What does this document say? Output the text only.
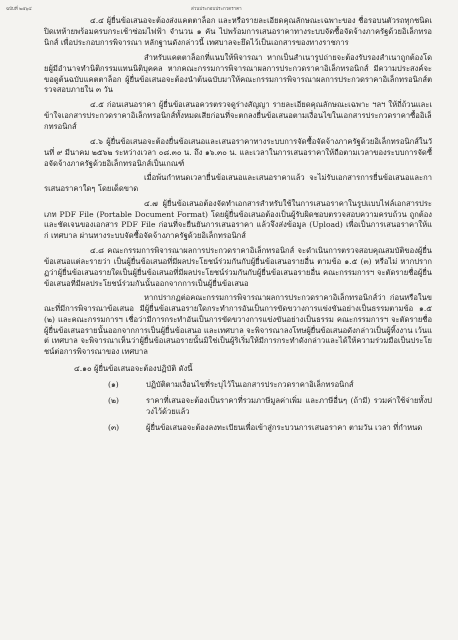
ฉบับที่ ๒๕๖๔	ส่วนประกอบประกวดราคา

๔.๔ ผู้ยื่นข้อเสนอจะต้องส่งแคตตาล็อก และหรือรายละเอียดคุณลักษณะเฉพาะของ ชื่อรอบนตัวรถทุกชนิดเปิดเทห้ายพร้อมครบกระเช้าซ่อมไฟฟ้า จำนวน ๑ คัน ไปพร้อมการเสนอราคาทางระบบจัดซื้อจัดจ้างภาครัฐด้วยอิเล็กทรอนิกส์ เพื่อประกอบการพิจารณา หลักฐานดังกล่าวนี้ เทศบาลจะยึดไว้เป็นเอกสารของทางราชการ

สำหรับแคตตาล็อกที่แนบให้พิจารณา หากเป็นสำเนารูปถ่ายจะต้องรับรองสำเนาถูกต้องโดยผู้มีอำนาจทำนิติกรรมแทนนิติบุคคล หากคณะกรรมการพิจารณาผลการประกวดราคาอิเล็กทรอนิกส์ มีความประสงค์จะขอดูต้นฉบับแคตตาล็อก ผู้ยื่นข้อเสนอจะต้องนำต้นฉบับมาให้คณะกรรมการพิจารณาผลการประกวดราคาอิเล็กทรอนิกส์ตรวจสอบภายใน ๓ วัน

๔.๕ ก่อนเสนอราคา ผู้ยื่นข้อเสนอควรตรวจดูร่างสัญญา รายละเอียดคุณลักษณะเฉพาะ ฯลฯ ให้ถี่ถ้วนและเข้าใจเอกสารประกวดราคาอิเล็กทรอนิกส์ทั้งหมดเสียก่อนที่จะตกลงยื่นข้อเสนอตามเงื่อนไขในเอกสารประกวดราคาซื้ออิเล็กทรอนิกส์

๔.๖ ผู้ยื่นข้อเสนอจะต้องยื่นข้อเสนอและเสนอราคาทางระบบการจัดซื้อจัดจ้างภาครัฐด้วยอิเล็กทรอนิกส์ในวันที่ ๙ มีนาคม ๒๕๖๒ ระหว่างเวลา ๐๘.๓๐ น. ถึง ๑๖.๓๐ น. และเวลาในการเสนอราคาให้ถือตามเวลาของระบบการจัดซื้อจัดจ้างภาครัฐด้วยอิเล็กทรอนิกส์เป็นเกณฑ์

เมื่อพ้นกำหนดเวลายื่นข้อเสนอและเสนอราคาแล้ว จะไม่รับเอกสารการยื่นข้อเสนอและการเสนอราคาใดๆ โดยเด็ดขาด

๔.๗ ผู้ยื่นข้อเสนอต้องจัดทำเอกสารสำหรับใช้ในการเสนอราคาในรูปแบบไฟล์เอกสารประเภท PDF File (Portable Document Format) โดยผู้ยื่นข้อเสนอต้องเป็นผู้รับผิดชอบตรวจสอบความครบถ้วน ถูกต้อง และชัดเจนของเอกสาร PDF File ก่อนที่จะยืนยันการเสนอราคา แล้วจึงส่งข้อมูล (Upload) เพื่อเป็นการเสนอราคาให้แก่ เทศบาล ผ่านทางระบบจัดซื้อจัดจ้างภาครัฐด้วยอิเล็กทรอนิกส์

๔.๘ คณะกรรมการพิจารณาผลการประกวดราคาอิเล็กทรอนิกส์ จะดำเนินการตรวจสอบคุณสมบัติของผู้ยื่นข้อเสนอแต่ละรายว่า เป็นผู้ยื่นข้อเสนอที่มีผลประโยชน์ร่วมกันกับผู้ยื่นข้อเสนอรายอื่น ตามข้อ ๑.๕ (๓) หรือไม่ หากปรากฏว่าผู้ยื่นข้อเสนอรายใดเป็นผู้ยื่นข้อเสนอที่มีผลประโยชน์ร่วมกันกับผู้ยื่นข้อเสนอรายอื่น คณะกรรมการฯ จะตัดรายชื่อผู้ยื่นข้อเสนอที่มีผลประโยชน์ร่วมกันนั้นออกจากการเป็นผู้ยื่นข้อเสนอ

หากปรากฏต่อคณะกรรมการพิจารณาผลการประกวดราคาอิเล็กทรอนิกส์ว่า ก่อนหรือในขณะที่มีการพิจารณาข้อเสนอ มีผู้ยื่นข้อเสนอรายใดกระทำการอันเป็นการขัดขวางการแข่งขันอย่างเป็นธรรมตามข้อ ๑.๕ (๒) และคณะกรรมการฯ เชื่อว่ามีการกระทำอันเป็นการขัดขวางการแข่งขันอย่างเป็นธรรม คณะกรรมการฯ จะตัดรายชื่อผู้ยื่นข้อเสนอรายนั้นออกจากการเป็นผู้ยื่นข้อเสนอ และเทศบาล จะพิจารณาลงโทษผู้ยื่นข้อเสนอดังกล่าวเป็นผู้ทิ้งงาน เว้นแต่ เทศบาล จะพิจารณาเห็นว่าผู้ยื่นข้อเสนอรายนั้นมิใช่เป็นผู้ริเริ่มให้มีการกระทำดังกล่าวและได้ให้ความร่วมมือเป็นประโยชน์ต่อการพิจารณาของ เทศบาล

๔.๑๐ ผู้ยื่นข้อเสนอจะต้องปฏิบัติ ดังนี้

(๑)	ปฏิบัติตามเงื่อนไขที่ระบุไว้ในเอกสารประกวดราคาอิเล็กทรอนิกส์

(๒)	ราคาที่เสนอจะต้องเป็นราคาที่รวมภาษีมูลค่าเพิ่ม และภาษีอื่นๆ (ถ้ามี) รวมค่าใช้จ่ายทั้งปวงไว้ด้วยแล้ว

(๓)	ผู้ยื่นข้อเสนอจะต้องลงทะเบียนเพื่อเข้าสู่กระบวนการเสนอราคา ตามวัน เวลา ที่กำหนด
